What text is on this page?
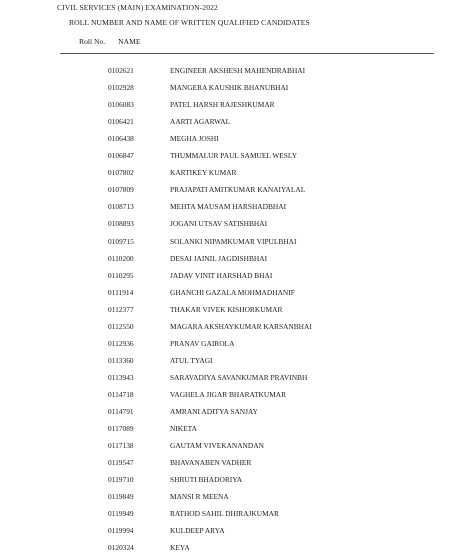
CIVIL SERVICES (MAIN) EXAMINATION-2022
ROLL NUMBER AND NAME OF WRITTEN QUALIFIED CANDIDATES
Roll No. NAME
0102621	ENGINEER AKSHESH MAHENDRABHAI
0102928	MANGERA KAUSHIK BHANUBHAI
0106083	PATEL HARSH RAJESHKUMAR
0106421	AARTI AGARWAL
0106438	MEGHA JOSHI
0106847	THUMMALUR PAUL SAMUEL WESLY
0107802	KARTIKEY KUMAR
0107809	PRAJAPATI AMITKUMAR KANAIYALAL
0108713	MEHTA MAUSAM HARSHADBHAI
0108893	JOGANI UTSAV SATISHBHAI
0109715	SOLANKI NIPAMKUMAR VIPULBHAI
0110200	DESAI JAINIL JAGDISHBHAI
0110295	JADAV VINIT HARSHAD BHAI
0111914	GHANCHI GAZALA MOHMADHANIF
0112377	THAKAR VIVEK KISHORKUMAR
0112550	MAGARA AKSHAYKUMAR KARSANBHAI
0112936	PRANAV GAIROLA
0113360	ATUL TYAGI
0113943	SARAVADIYA SAVANKUMAR PRAVINBH
0114718	VAGHELA JIGAR BHARATKUMAR
0114791	AMRANI ADITYA SANJAY
0117089	NIKETA
0117138	GAUTAM VIVEKANANDAN
0119547	BHAVANABEN VADHER
0119710	SHRUTI BHADORIYA
0119849	MANSI R MEENA
0119949	RATHOD SAHIL DHIRAJKUMAR
0119994	KULDEEP ARYA
0120324	KEYA
